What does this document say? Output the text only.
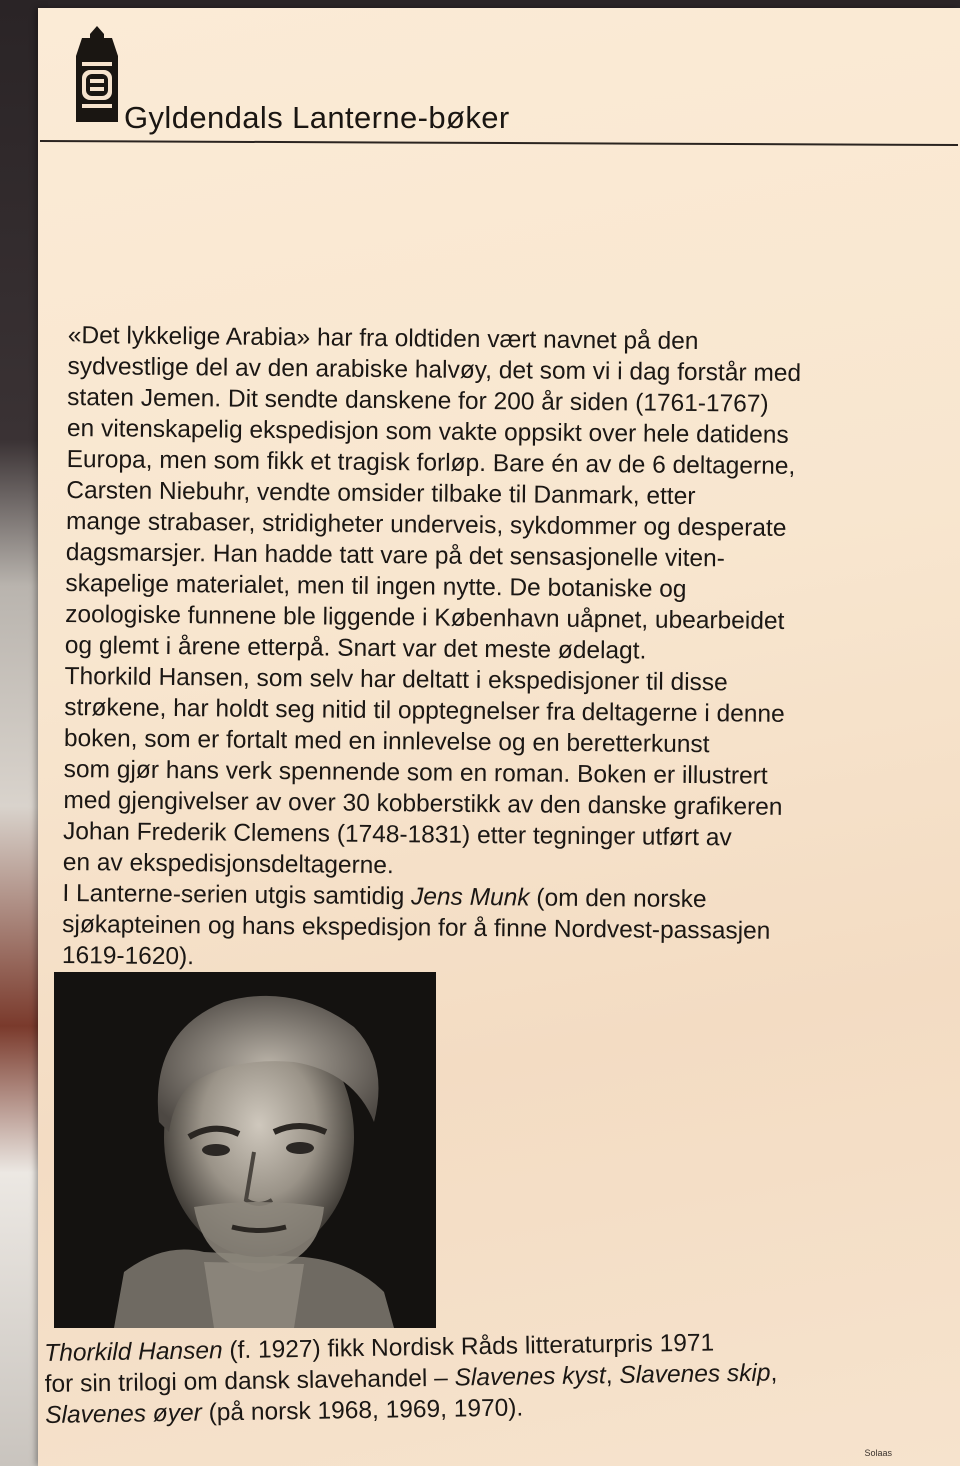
Gyldendals Lanterne-bøker

«Det lykkelige Arabia» har fra oldtiden vært navnet på den

sydvestlige del av den arabiske halvøy, det som vi i dag forstår med

staten Jemen. Dit sendte danskene for 200 år siden (1761-1767)

en vitenskapelig ekspedisjon som vakte oppsikt over hele datidens

Europa, men som fikk et tragisk forløp. Bare én av de 6 deltagerne,

Carsten Niebuhr, vendte omsider tilbake til Danmark, etter

mange strabaser, stridigheter underveis, sykdommer og desperate

dagsmarsjer. Han hadde tatt vare på det sensasjonelle viten-

skapelige materialet, men til ingen nytte. De botaniske og

zoologiske funnene ble liggende i København uåpnet, ubearbeidet

og glemt i årene etterpå. Snart var det meste ødelagt.

Thorkild Hansen, som selv har deltatt i ekspedisjoner til disse

strøkene, har holdt seg nitid til opptegnelser fra deltagerne i denne

boken, som er fortalt med en innlevelse og en beretterkunst

som gjør hans verk spennende som en roman. Boken er illustrert

med gjengivelser av over 30 kobberstikk av den danske grafikeren

Johan Frederik Clemens (1748-1831) etter tegninger utført av

en av ekspedisjonsdeltagerne.

I Lanterne-serien utgis samtidig Jens Munk (om den norske

sjøkapteinen og hans ekspedisjon for å finne Nordvest-passasjen

1619-1620).

Thorkild Hansen (f. 1927) fikk Nordisk Råds litteraturpris 1971

for sin trilogi om dansk slavehandel – Slavenes kyst, Slavenes skip,

Slavenes øyer (på norsk 1968, 1969, 1970).

Solaas
